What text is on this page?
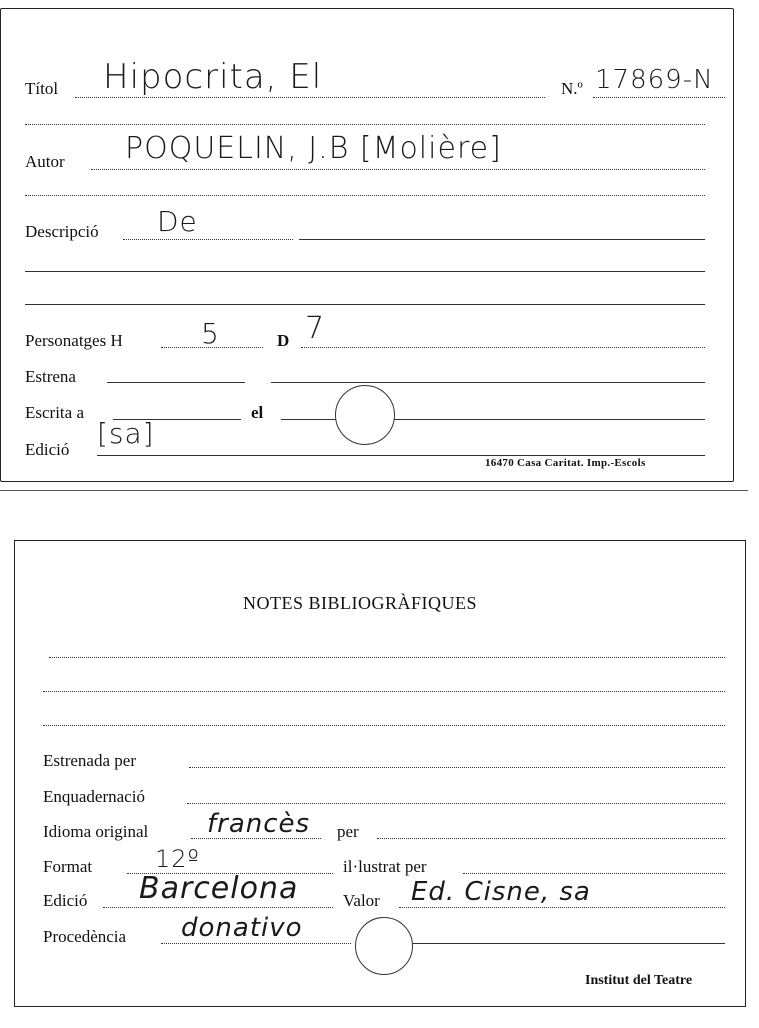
Títol Hipocrita, El	N.º 17869-N
Autor POQUELIN, J.B [Molière]
Descripció De
Personatges H	5	D 7
Estrena
Escrita a	el
Edició [sa]
16470 Casa Caritat. Imp.-Escols
NOTES BIBLIOGRÀFIQUES
Estrenada per
Enquadernació
Idioma original francès per
Format	12º	il·lustrat per
Edició Barcelona	Valor Ed. Cisne, sa
Procedència donativo
Institut del Teatre
